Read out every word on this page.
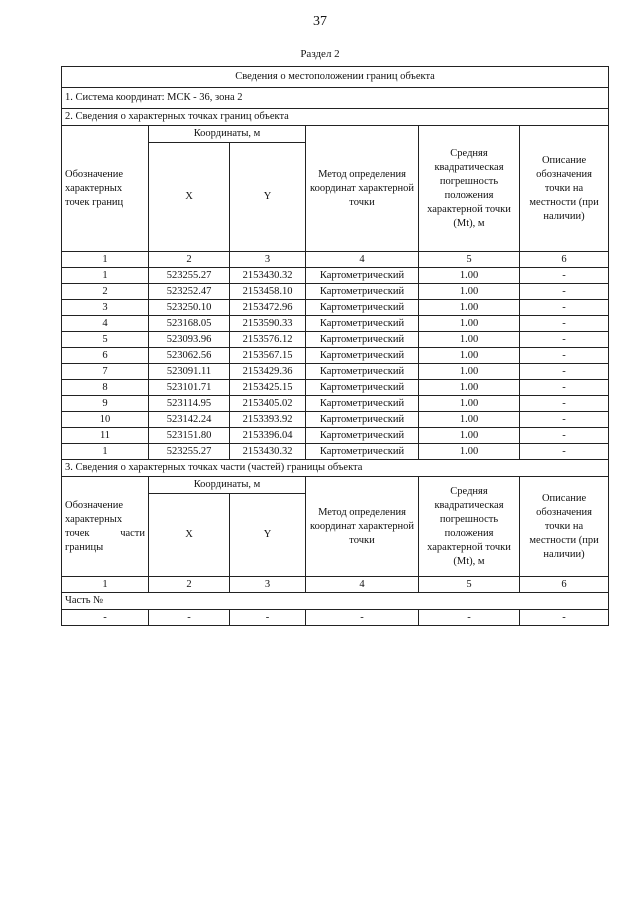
37
Раздел 2
Сведения о местоположении границ объекта					
1. Система координат: МСК - 36, зона 2					
2. Сведения о характерных точках границ объекта					
Обозначение характерных точек границ	Координаты, м		Метод определения координат характерной точки	Средняя квадратическая погрешность положения характерной точки (Mt), м	Описание обозначения точки на местности (при наличии)
	X	Y			
1	2	3	4	5	6
1	523255.27	2153430.32	Картометрический	1.00	-
2	523252.47	2153458.10	Картометрический	1.00	-
3	523250.10	2153472.96	Картометрический	1.00	-
4	523168.05	2153590.33	Картометрический	1.00	-
5	523093.96	2153576.12	Картометрический	1.00	-
6	523062.56	2153567.15	Картометрический	1.00	-
7	523091.11	2153429.36	Картометрический	1.00	-
8	523101.71	2153425.15	Картометрический	1.00	-
9	523114.95	2153405.02	Картометрический	1.00	-
10	523142.24	2153393.92	Картометрический	1.00	-
11	523151.80	2153396.04	Картометрический	1.00	-
1	523255.27	2153430.32	Картометрический	1.00	-
3. Сведения о характерных точках части (частей) границы объекта					
Обозначение характерных точек части границы	Координаты, м		Метод определения координат характерной точки	Средняя квадратическая погрешность положения характерной точки (Mt), м	Описание обозначения точки на местности (при наличии)
	X	Y			
1	2	3	4	5	6
Часть №					
-	-	-	-	-	-
